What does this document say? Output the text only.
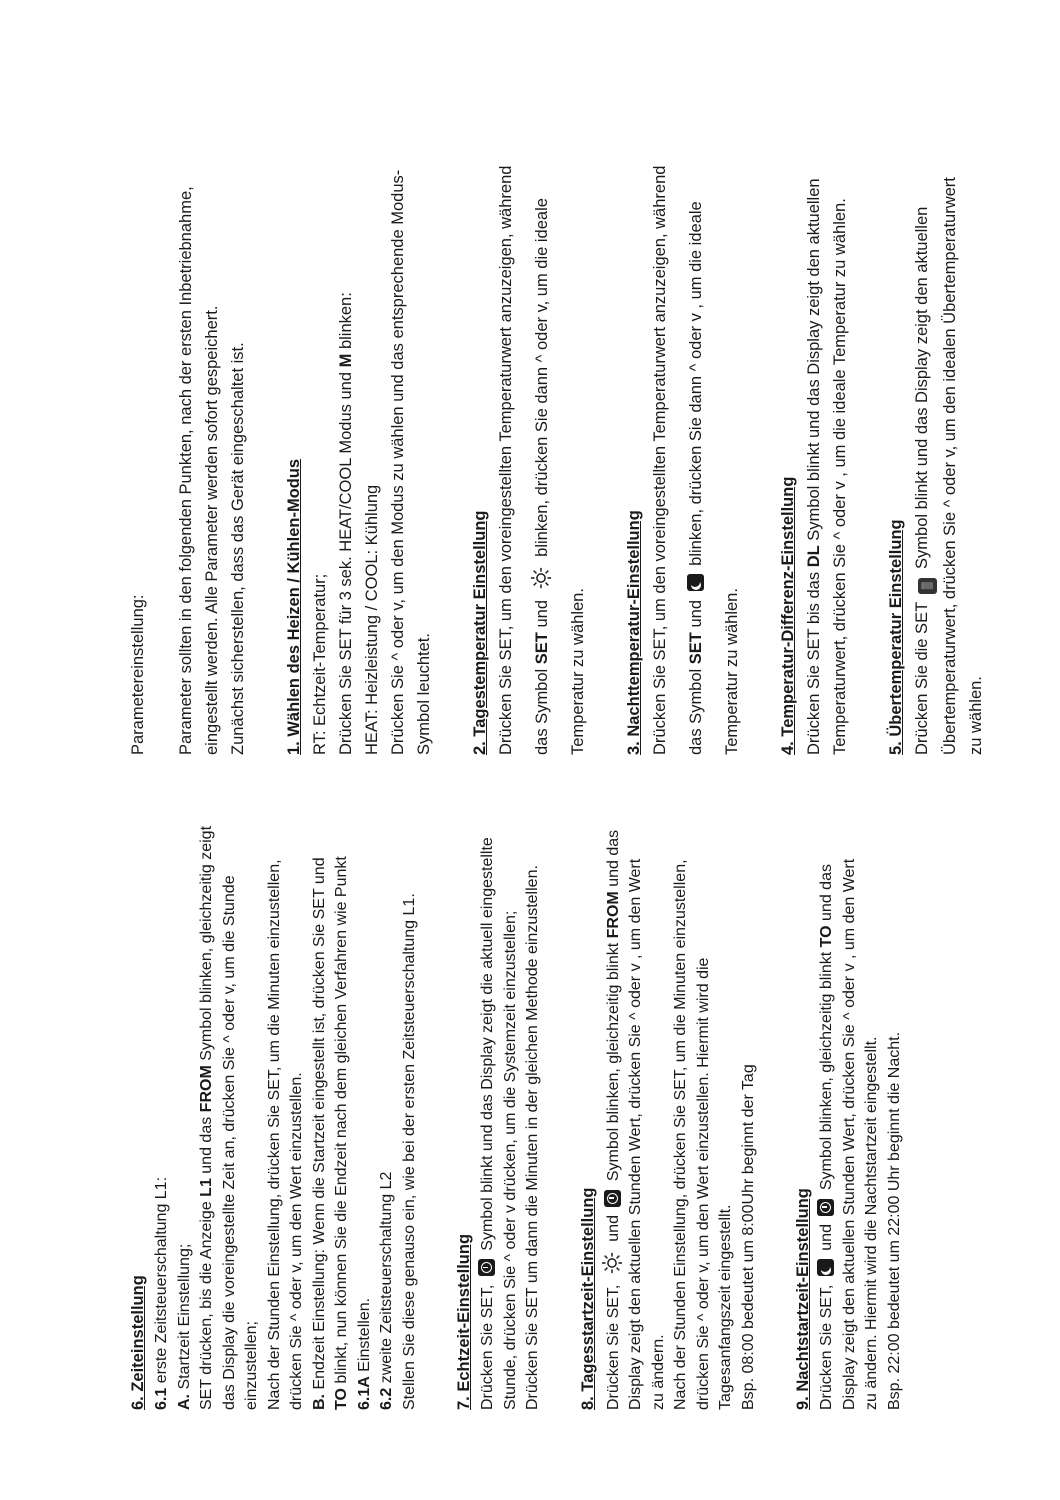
6. Zeiteinstellung 6.1 erste Zeitsteuerschaltung L1:

A. Startzeit Einstellung; SET drücken, bis die Anzeige L1 und das FROM Symbol blinken, gleichzeitig zeigt das Display die voreingestellte Zeit an, drücken Sie ^ oder v, um die Stunde einzustellen; Nach der Stunden Einstellung, drücken Sie SET, um die Minuten einzustellen, drücken Sie ^ oder v, um den Wert einzustellen. B. Endzeit Einstellung: Wenn die Startzeit eingestellt ist, drücken Sie SET und

TO blinkt, nun können Sie die Endzeit nach dem gleichen Verfahren wie Punkt

6.1A Einstellen.

6.2 zweite Zeitsteuerschaltung L2 Stellen Sie diese genauso ein, wie bei der ersten Zeitsteuerschaltung L1. 7. Echtzeit-Einstellung Drücken Sie SET,  Symbol blinkt und das Display zeigt die aktuell eingestellte Stunde, drücken Sie ^ oder v drücken, um die Systemzeit einzustellen; Drücken Sie SET um dann die Minuten in der gleichen Methode einzustellen. 8. Tagesstartzeit-Einstellung Drücken Sie SET,  und  Symbol blinken, gleichzeitig blinkt FROM und das Display zeigt den aktuellen Stunden Wert, drücken Sie ^ oder v , um den Wert zu ändern. Nach der Stunden Einstellung, drücken Sie SET, um die Minuten einzustellen, drücken Sie ^ oder v, um den Wert einzustellen. Hiermit wird die Tagesanfangszeit eingestellt. Bsp. 08:00 bedeutet um 8:00Uhr beginnt der Tag 9. Nachtstartzeit-Einstellung Drücken Sie SET,  und  Symbol blinken, gleichzeitig blinkt TO und das Display zeigt den aktuellen Stunden Wert, drücken Sie ^ oder v , um den Wert zu ändern. Hiermit wird die Nachtstartzeit eingestellt. Bsp. 22:00 bedeutet um 22:00 Uhr beginnt die Nacht.

Parametereinstellung: Parameter sollten in den folgenden Punkten, nach der ersten Inbetriebnahme, eingestellt werden. Alle Parameter werden sofort gespeichert. Zunächst sicherstellen, dass das Gerät eingeschaltet ist. 1. Wählen des Heizen / Kühlen-Modus RT: Echtzeit-Temperatur; Drücken Sie SET für 3 sek. HEAT/COOL Modus und M blinken:

HEAT: Heizleistung / COOL: Kühlung Drücken Sie ^ oder v, um den Modus zu wählen und das entsprechende Modus- Symbol leuchtet. 2. Tagestemperatur Einstellung Drücken Sie SET, um den voreingestellten Temperaturwert anzuzeigen, während das Symbol SET und  blinken, drücken Sie dann ^ oder v, um die ideale

Temperatur zu wählen. 3. Nachttemperatur-Einstellung Drücken Sie SET, um den voreingestellten Temperaturwert anzuzeigen, während das Symbol SET und  blinken, drücken Sie dann ^ oder v , um die ideale

Temperatur zu wählen. 4. Temperatur-Differenz-Einstellung Drücken Sie SET bis das DL Symbol blinkt und das Display zeigt den aktuellen Temperaturwert, drücken Sie ^ oder v , um die ideale Temperatur zu wählen. 5. Übertemperatur Einstellung Drücken Sie die SET ▒ Symbol blinkt und das Display zeigt den aktuellen Übertemperaturwert, drücken Sie ^ oder v, um den idealen Übertemperaturwert zu wählen.
